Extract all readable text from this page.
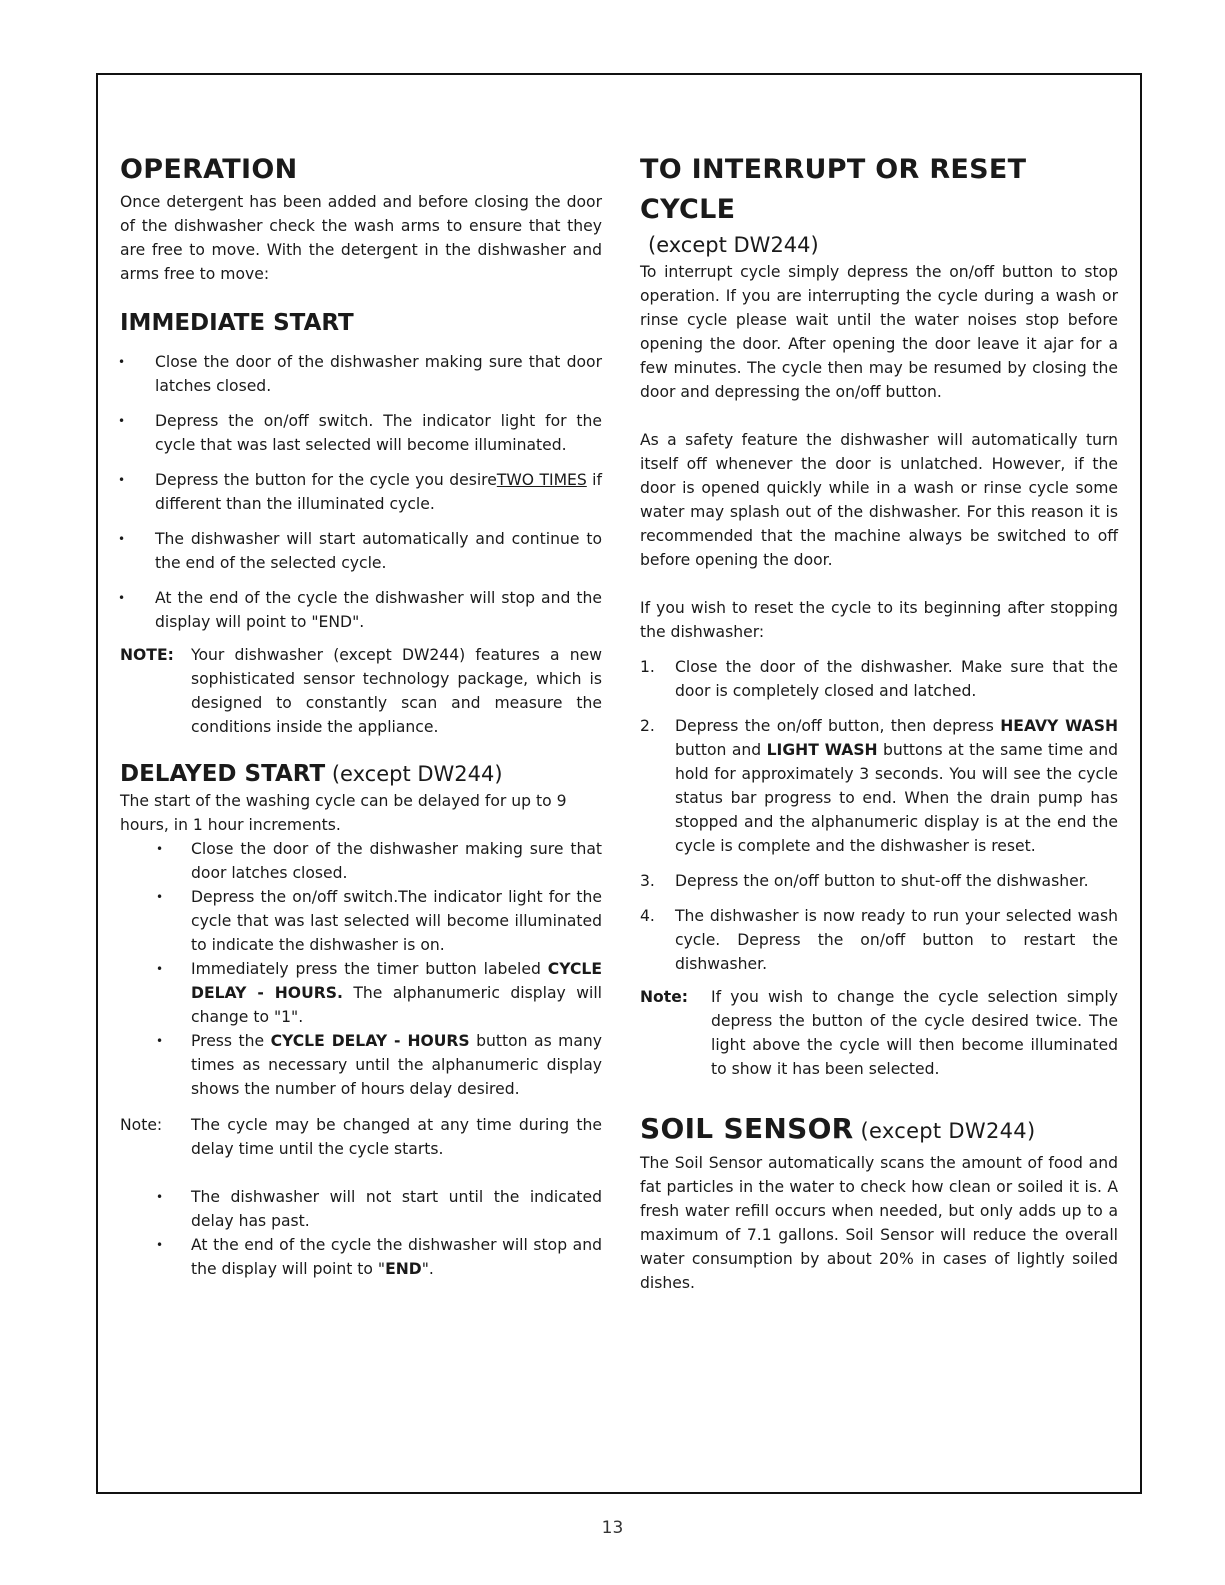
OPERATION

Once detergent has been added and before closing the door of the dishwasher check the wash arms to ensure that they are free to move. With the detergent in the dishwasher and arms free to move:

IMMEDIATE START
• Close the door of the dishwasher making sure that door latches closed.
• Depress the on/off switch. The indicator light for the cycle that was last selected will become illuminated.
• Depress the button for the cycle you desireTWO TIMES if different than the illuminated cycle.
• The dishwasher will start automatically and continue to the end of the selected cycle.
• At the end of the cycle the dishwasher will stop and the display will point to "END".
NOTE: Your dishwasher (except DW244) features a new sophisticated sensor technology package, which is designed to constantly scan and measure the conditions inside the appliance.
DELAYED START (except DW244)

The start of the washing cycle can be delayed for up to 9 hours, in 1 hour increments.

• Close the door of the dishwasher making sure that door latches closed.
• Depress the on/off switch.The indicator light for the cycle that was last selected will become illuminated to indicate the dishwasher is on.
• Immediately press the timer button labeled CYCLE DELAY - HOURS. The alphanumeric display will change to "1".
• Press the CYCLE DELAY - HOURS button as many times as necessary until the alphanumeric display shows the number of hours delay desired.
Note: The cycle may be changed at any time during the delay time until the cycle starts.
• The dishwasher will not start until the indicated delay has past.
• At the end of the cycle the dishwasher will stop and the display will point to "END".
TO INTERRUPT OR RESET CYCLE
(except DW244)

To interrupt cycle simply depress the on/off button to stop operation. If you are interrupting the cycle during a wash or rinse cycle please wait until the water noises stop before opening the door. After opening the door leave it ajar for a few minutes. The cycle then may be resumed by closing the door and depressing the on/off button.

As a safety feature the dishwasher will automatically turn itself off whenever the door is unlatched. However, if the door is opened quickly while in a wash or rinse cycle some water may splash out of the dishwasher. For this reason it is recommended that the machine always be switched to off before opening the door.

If you wish to reset the cycle to its beginning after stopping the dishwasher:

1. Close the door of the dishwasher. Make sure that the door is completely closed and latched.
2. Depress the on/off button, then depress HEAVY WASH button and LIGHT WASH buttons at the same time and hold for approximately 3 seconds. You will see the cycle status bar progress to end. When the drain pump has stopped and the alphanumeric display is at the end the cycle is complete and the dishwasher is reset.
3. Depress the on/off button to shut-off the dishwasher.
4. The dishwasher is now ready to run your selected wash cycle. Depress the on/off button to restart the dishwasher.
Note: If you wish to change the cycle selection simply depress the button of the cycle desired twice. The light above the cycle will then become illuminated to show it has been selected.
SOIL SENSOR (except DW244)

The Soil Sensor automatically scans the amount of food and fat particles in the water to check how clean or soiled it is. A fresh water refill occurs when needed, but only adds up to a maximum of 7.1 gallons. Soil Sensor will reduce the overall water consumption by about 20% in cases of lightly soiled dishes.

13
